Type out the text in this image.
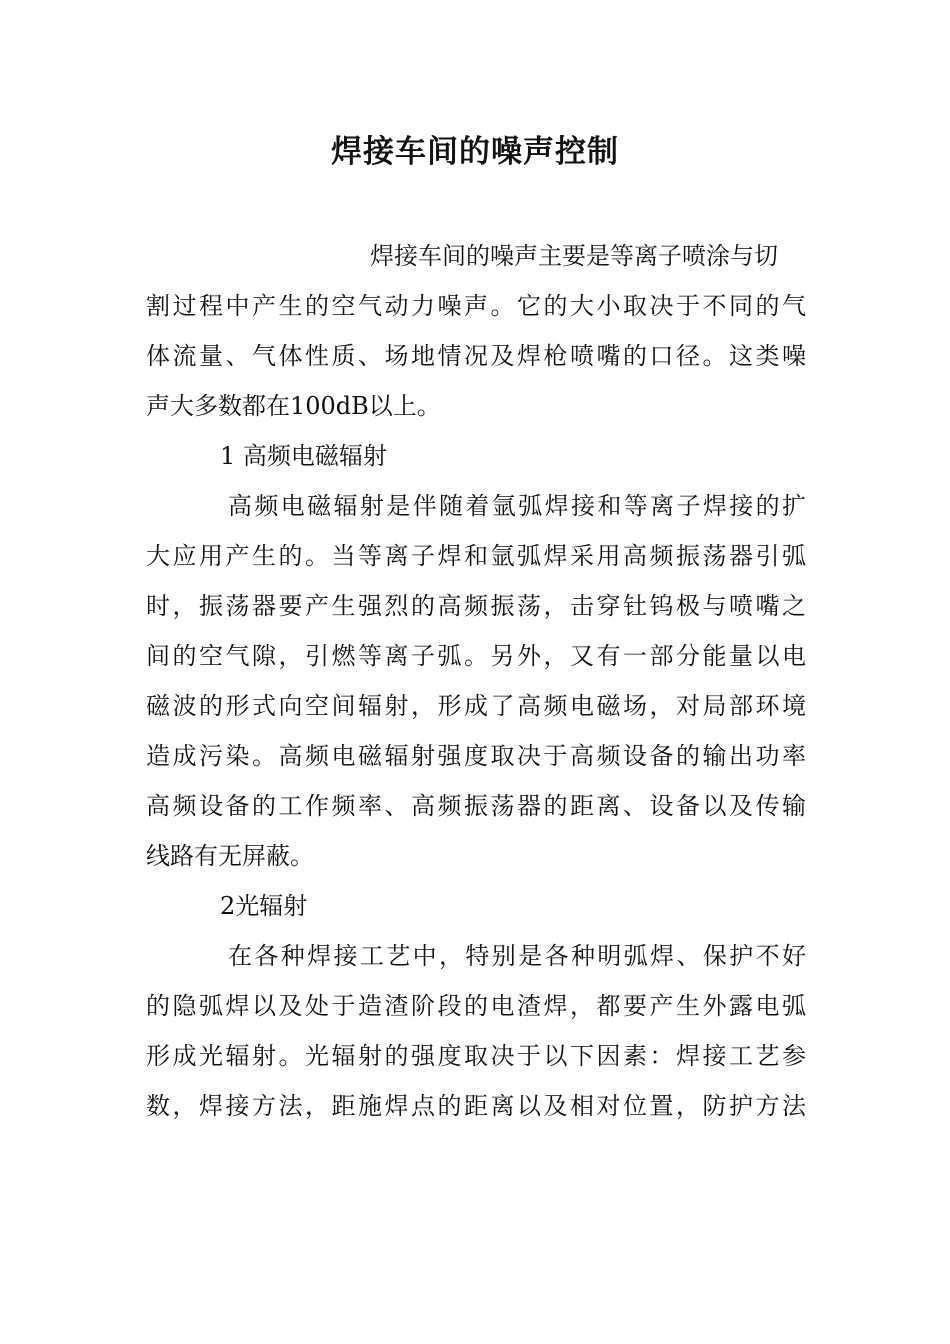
焊接车间的噪声控制
焊接车间的噪声主要是等离子喷涂与切
割过程中产生的空气动力噪声。它的大小取决于不同的气
体流量、气体性质、场地情况及焊枪喷嘴的口径。这类噪
声大多数都在100dB以上。
1 高频电磁辐射
高频电磁辐射是伴随着氩弧焊接和等离子焊接的扩
大应用产生的。当等离子焊和氩弧焊采用高频振荡器引弧
时，振荡器要产生强烈的高频振荡，击穿钍钨极与喷嘴之
间的空气隙，引燃等离子弧。另外，又有一部分能量以电
磁波的形式向空间辐射，形成了高频电磁场，对局部环境
造成污染。高频电磁辐射强度取决于高频设备的输出功率
高频设备的工作频率、高频振荡器的距离、设备以及传输
线路有无屏蔽。
2光辐射
在各种焊接工艺中，特别是各种明弧焊、保护不好
的隐弧焊以及处于造渣阶段的电渣焊，都要产生外露电弧
形成光辐射。光辐射的强度取决于以下因素：焊接工艺参
数，焊接方法，距施焊点的距离以及相对位置，防护方法
